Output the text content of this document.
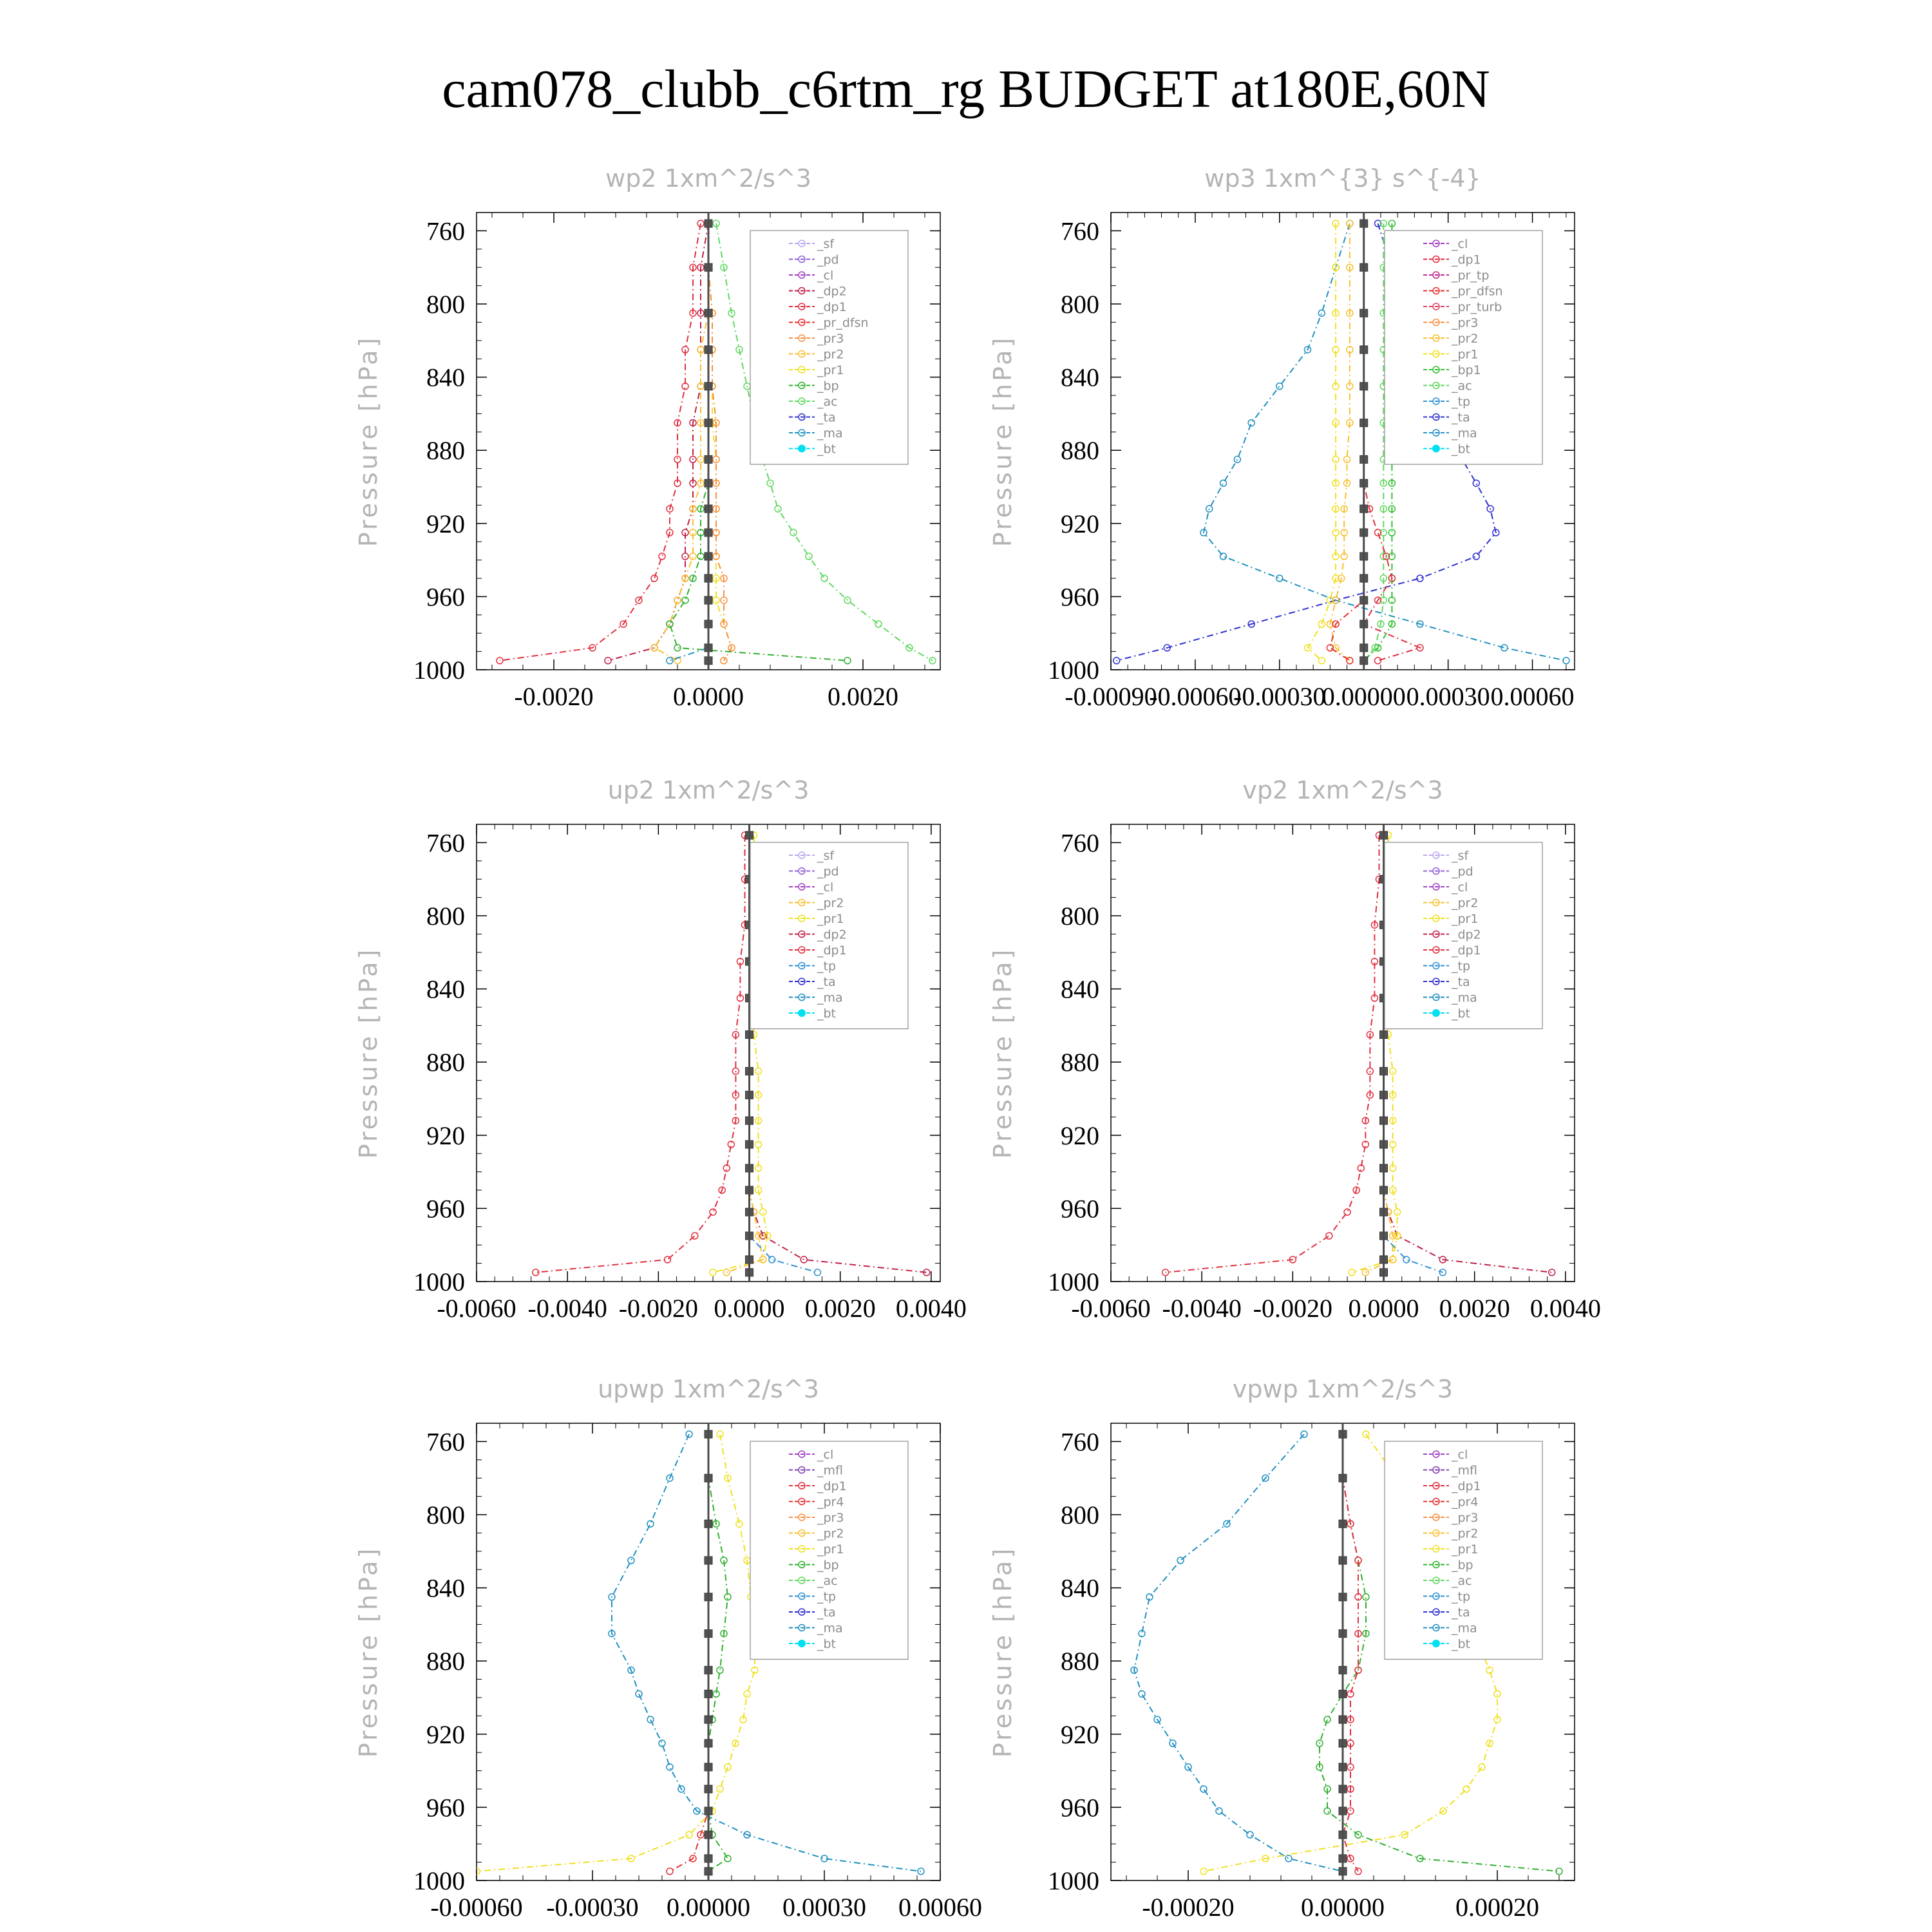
cam078_clubb_c6rtm_rg BUDGET at180E,60N
wp2 1xm^2/s^3
Pressure [hPa]
760
800
840
880
920
960
1000
-0.0020	0.0000	0.0020
_sf
_pd
_cl
_dp2
_dp1
_pr_dfsn
_pr3
_pr2
_pr1
_bp
_ac
_ta
_ma
_bt
wp3 1xm^{3} s^{-4}
Pressure [hPa]
760
800
840
880
920
960
1000
-0.00090
-0.00060
-0.00030
0.00000 0.00030 0.00060
_cl
_dp1
_pr_tp
_pr_dfsn
_pr_turb
_pr3
_pr2
_pr1
_bp1
_ac
_tp
_ta
_ma
_bt
up2 1xm^2/s^3
Pressure [hPa]
760
800
840
880
920
960
1000
-0.0060 -0.0040 -0.0020 0.0000 0.0020 0.0040
_sf
_pd
_cl
_pr2
_pr1
_dp2
_dp1
_tp
_ta
_ma
_bt
vp2 1xm^2/s^3
Pressure [hPa]
760
800
840
880
920
960
1000
-0.0060 -0.0040 -0.0020 0.0000 0.0020 0.0040
_sf
_pd
_cl
_pr2
_pr1
_dp2
_dp1
_tp
_ta
_ma
_bt
upwp 1xm^2/s^3
Pressure [hPa]
760
800
840
880
920
960
1000
-0.00060 -0.00030 0.00000 0.00030 0.00060
_cl
_mfl
_dp1
_pr4
_pr3
_pr2
_pr1
_bp
_ac
_tp
_ta
_ma
_bt
vpwp 1xm^2/s^3
Pressure [hPa]
760
800
840
880
920
960
1000
-0.00020	0.00000	0.00020
_cl
_mfl
_dp1
_pr4
_pr3
_pr2
_pr1
_bp
_ac
_tp
_ta
_ma
_bt
